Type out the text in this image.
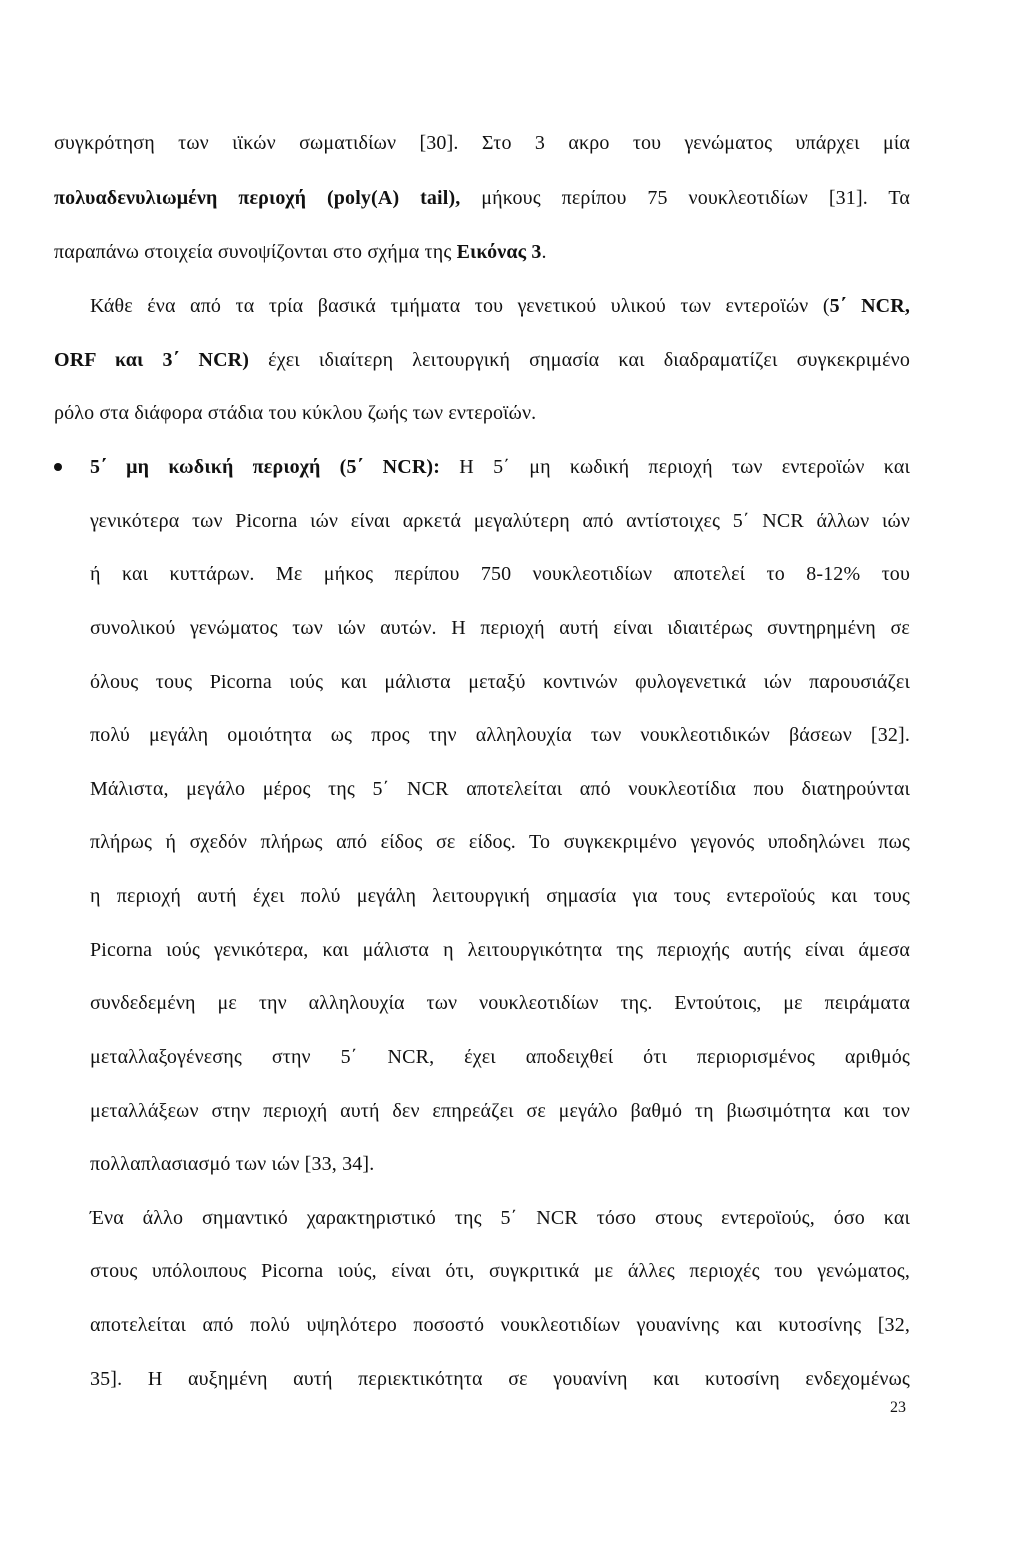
συγκρότηση των ιϊκών σωματιδίων [30]. Στο 3 ακρο του γενώματος υπάρχει μία
πολυαδενυλιωμένη περιοχή (poly(A) tail), μήκους περίπου 75 νουκλεοτιδίων [31]. Τα
παραπάνω στοιχεία συνοψίζονται στο σχήμα της Εικόνας 3.
Κάθε ένα από τα τρία βασικά τμήματα του γενετικού υλικού των εντεροϊών (5΄ NCR,
ORF και 3΄ NCR) έχει ιδιαίτερη λειτουργική σημασία και διαδραματίζει συγκεκριμένο
ρόλο στα διάφορα στάδια του κύκλου ζωής των εντεροϊών.
5΄ μη κωδική περιοχή (5΄ NCR): Η 5΄ μη κωδική περιοχή των εντεροϊών και
γενικότερα των Picorna ιών είναι αρκετά μεγαλύτερη από αντίστοιχες 5΄ NCR άλλων ιών
ή και κυττάρων. Με μήκος περίπου 750 νουκλεοτιδίων αποτελεί το 8-12% του
συνολικού γενώματος των ιών αυτών. Η περιοχή αυτή είναι ιδιαιτέρως συντηρημένη σε
όλους τους Picorna ιούς και μάλιστα μεταξύ κοντινών φυλογενετικά ιών παρουσιάζει
πολύ μεγάλη ομοιότητα ως προς την αλληλουχία των νουκλεοτιδικών βάσεων [32].
Μάλιστα, μεγάλο μέρος της 5΄ NCR αποτελείται από νουκλεοτίδια που διατηρούνται
πλήρως ή σχεδόν πλήρως από είδος σε είδος. Το συγκεκριμένο γεγονός υποδηλώνει πως
η περιοχή αυτή έχει πολύ μεγάλη λειτουργική σημασία για τους εντεροϊούς και τους
Picorna ιούς γενικότερα, και μάλιστα η λειτουργικότητα της περιοχής αυτής είναι άμεσα
συνδεδεμένη με την αλληλουχία των νουκλεοτιδίων της. Εντούτοις, με πειράματα
μεταλλαξογένεσης στην 5΄ NCR, έχει αποδειχθεί ότι περιορισμένος αριθμός
μεταλλάξεων στην περιοχή αυτή δεν επηρεάζει σε μεγάλο βαθμό τη βιωσιμότητα και τον
πολλαπλασιασμό των ιών [33, 34].
Ένα άλλο σημαντικό χαρακτηριστικό της 5΄ NCR τόσο στους εντεροϊούς, όσο και
στους υπόλοιπους Picorna ιούς, είναι ότι, συγκριτικά με άλλες περιοχές του γενώματος,
αποτελείται από πολύ υψηλότερο ποσοστό νουκλεοτιδίων γουανίνης και κυτοσίνης [32,
35]. Η αυξημένη αυτή περιεκτικότητα σε γουανίνη και κυτοσίνη ενδεχομένως
23
